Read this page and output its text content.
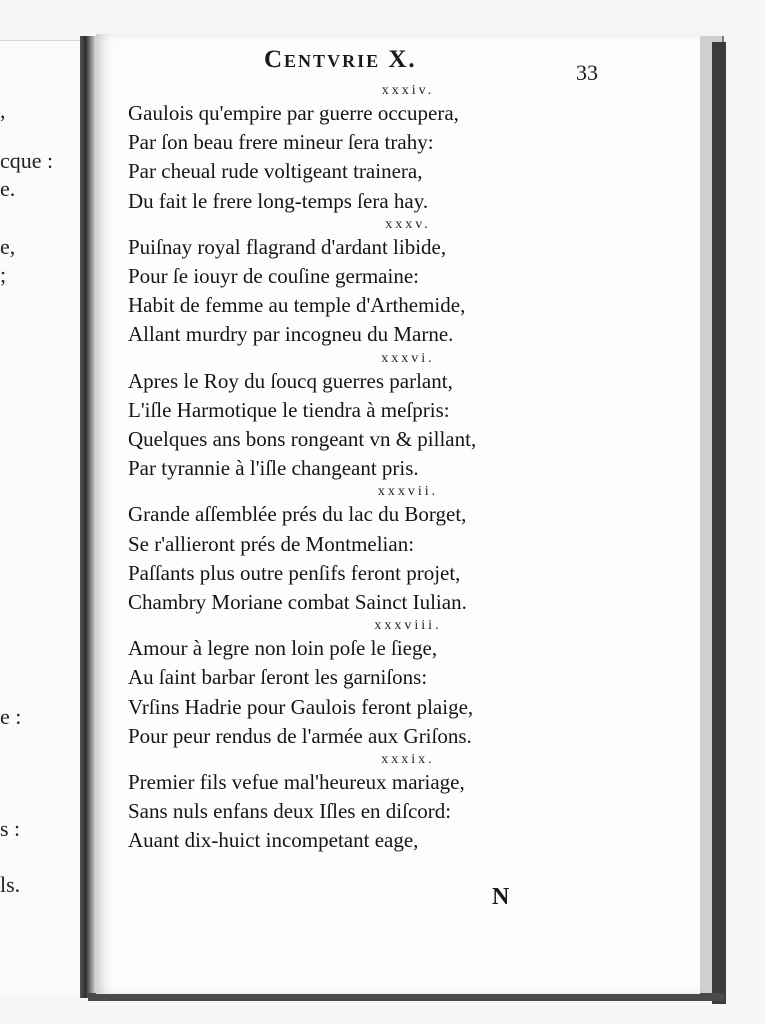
,
cque :
e.
e,
;
e :
s :
ls.
Centvrie X.	33
xxxiv.
Gaulois qu'empire par guerre occupera,
Par ſon beau frere mineur ſera trahy:
Par cheual rude voltigeant trainera,
Du fait le frere long-temps ſera hay.
xxxv.
Puiſnay royal flagrand d'ardant libide,
Pour ſe iouyr de couſine germaine:
Habit de femme au temple d'Arthemide,
Allant murdry par incogneu du Marne.
xxxvi.
Apres le Roy du ſoucq guerres parlant,
L'iſle Harmotique le tiendra à meſpris:
Quelques ans bons rongeant vn & pillant,
Par tyrannie à l'iſle changeant pris.
xxxvii.
Grande aſſemblée prés du lac du Borget,
Se r'allieront prés de Montmelian:
Paſſants plus outre penſifs feront projet,
Chambry Moriane combat Sainct Iulian.
xxxviii.
Amour à legre non loin poſe le ſiege,
Au ſaint barbar ſeront les garniſons:
Vrſins Hadrie pour Gaulois feront plaige,
Pour peur rendus de l'armée aux Griſons.
xxxix.
Premier fils vefue mal'heureux mariage,
Sans nuls enfans deux Iſles en diſcord:
Auant dix-huict incompetant eage,
N
